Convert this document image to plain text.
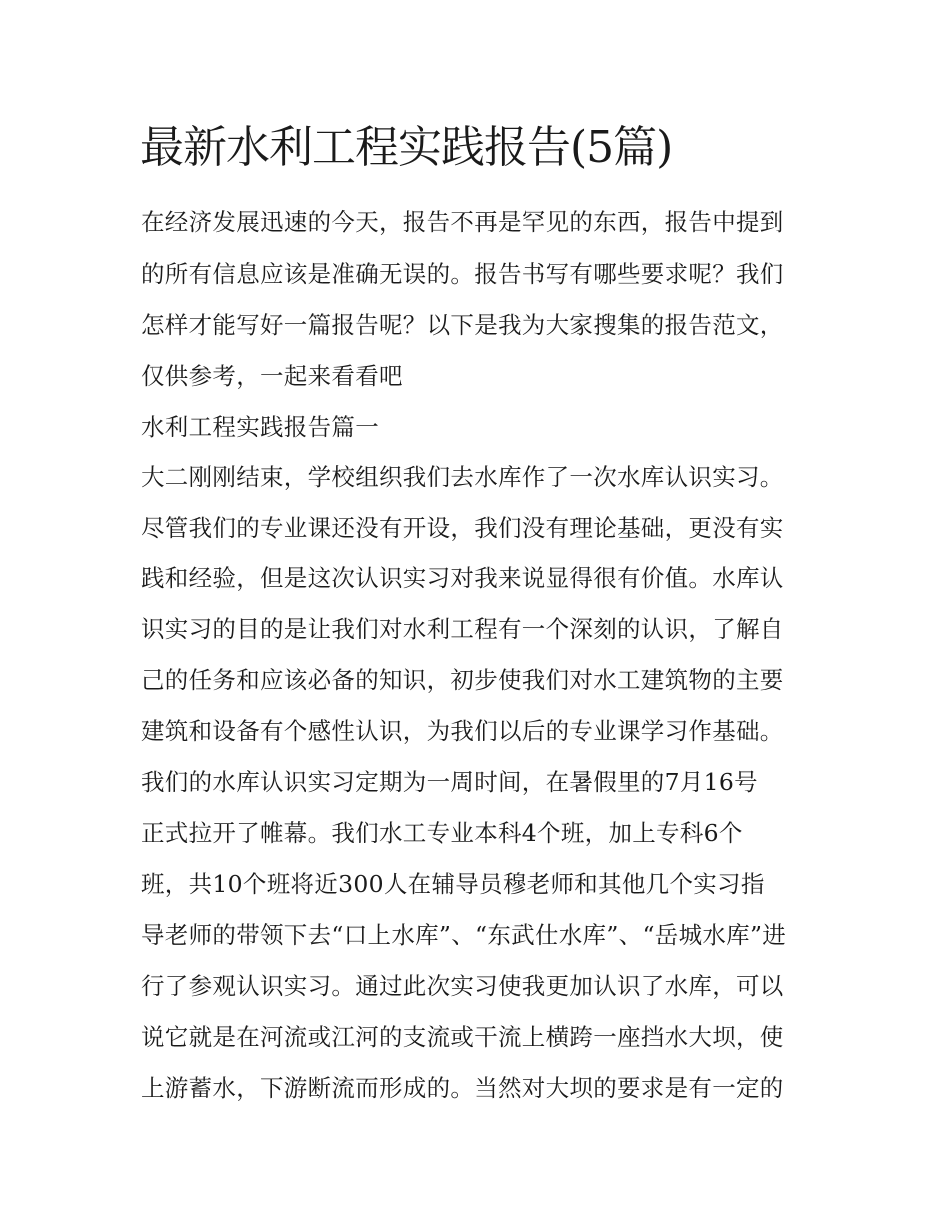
最新水利工程实践报告(5篇)
在经济发展迅速的今天，报告不再是罕见的东西，报告中提到
的所有信息应该是准确无误的。报告书写有哪些要求呢？我们
怎样才能写好一篇报告呢？以下是我为大家搜集的报告范文，
仅供参考，一起来看看吧
水利工程实践报告篇一
大二刚刚结束，学校组织我们去水库作了一次水库认识实习。
尽管我们的专业课还没有开设，我们没有理论基础，更没有实
践和经验，但是这次认识实习对我来说显得很有价值。水库认
识实习的目的是让我们对水利工程有一个深刻的认识，了解自
己的任务和应该必备的知识，初步使我们对水工建筑物的主要
建筑和设备有个感性认识，为我们以后的专业课学习作基础。
我们的水库认识实习定期为一周时间，在暑假里的7月16号
正式拉开了帷幕。我们水工专业本科4个班，加上专科6个
班，共10个班将近300人在辅导员穆老师和其他几个实习指
导老师的带领下去“口上水库”、“东武仕水库”、“岳城水库”进
行了参观认识实习。通过此次实习使我更加认识了水库，可以
说它就是在河流或江河的支流或干流上横跨一座挡水大坝，使
上游蓄水，下游断流而形成的。当然对大坝的要求是有一定的
